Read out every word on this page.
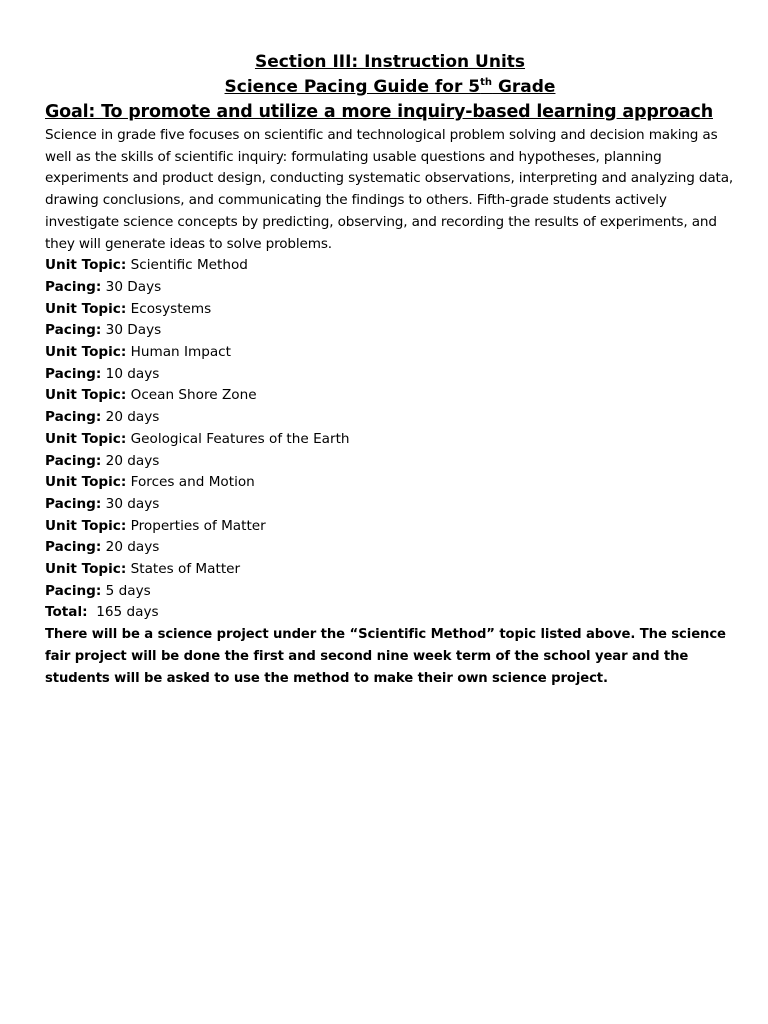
Section III: Instruction Units

Science Pacing Guide for 5th Grade

Goal: To promote and utilize a more inquiry-based learning approach

Science in grade five focuses on scientific and technological problem solving and decision making as well as the skills of scientific inquiry: formulating usable questions and hypotheses, planning experiments and product design, conducting systematic observations, interpreting and analyzing data, drawing conclusions, and communicating the findings to others. Fifth-grade students actively investigate science concepts by predicting, observing, and recording the results of experiments, and they will generate ideas to solve problems.

Unit Topic: Scientific Method

Pacing: 30 Days

Unit Topic: Ecosystems

Pacing: 30 Days

Unit Topic: Human Impact

Pacing: 10 days

Unit Topic: Ocean Shore Zone

Pacing: 20 days

Unit Topic: Geological Features of the Earth

Pacing: 20 days

Unit Topic: Forces and Motion

Pacing: 30 days

Unit Topic: Properties of Matter

Pacing: 20 days

Unit Topic: States of Matter

Pacing: 5 days

Total: 165 days

There will be a science project under the “Scientific Method” topic listed above. The science fair project will be done the first and second nine week term of the school year and the students will be asked to use the method to make their own science project.
